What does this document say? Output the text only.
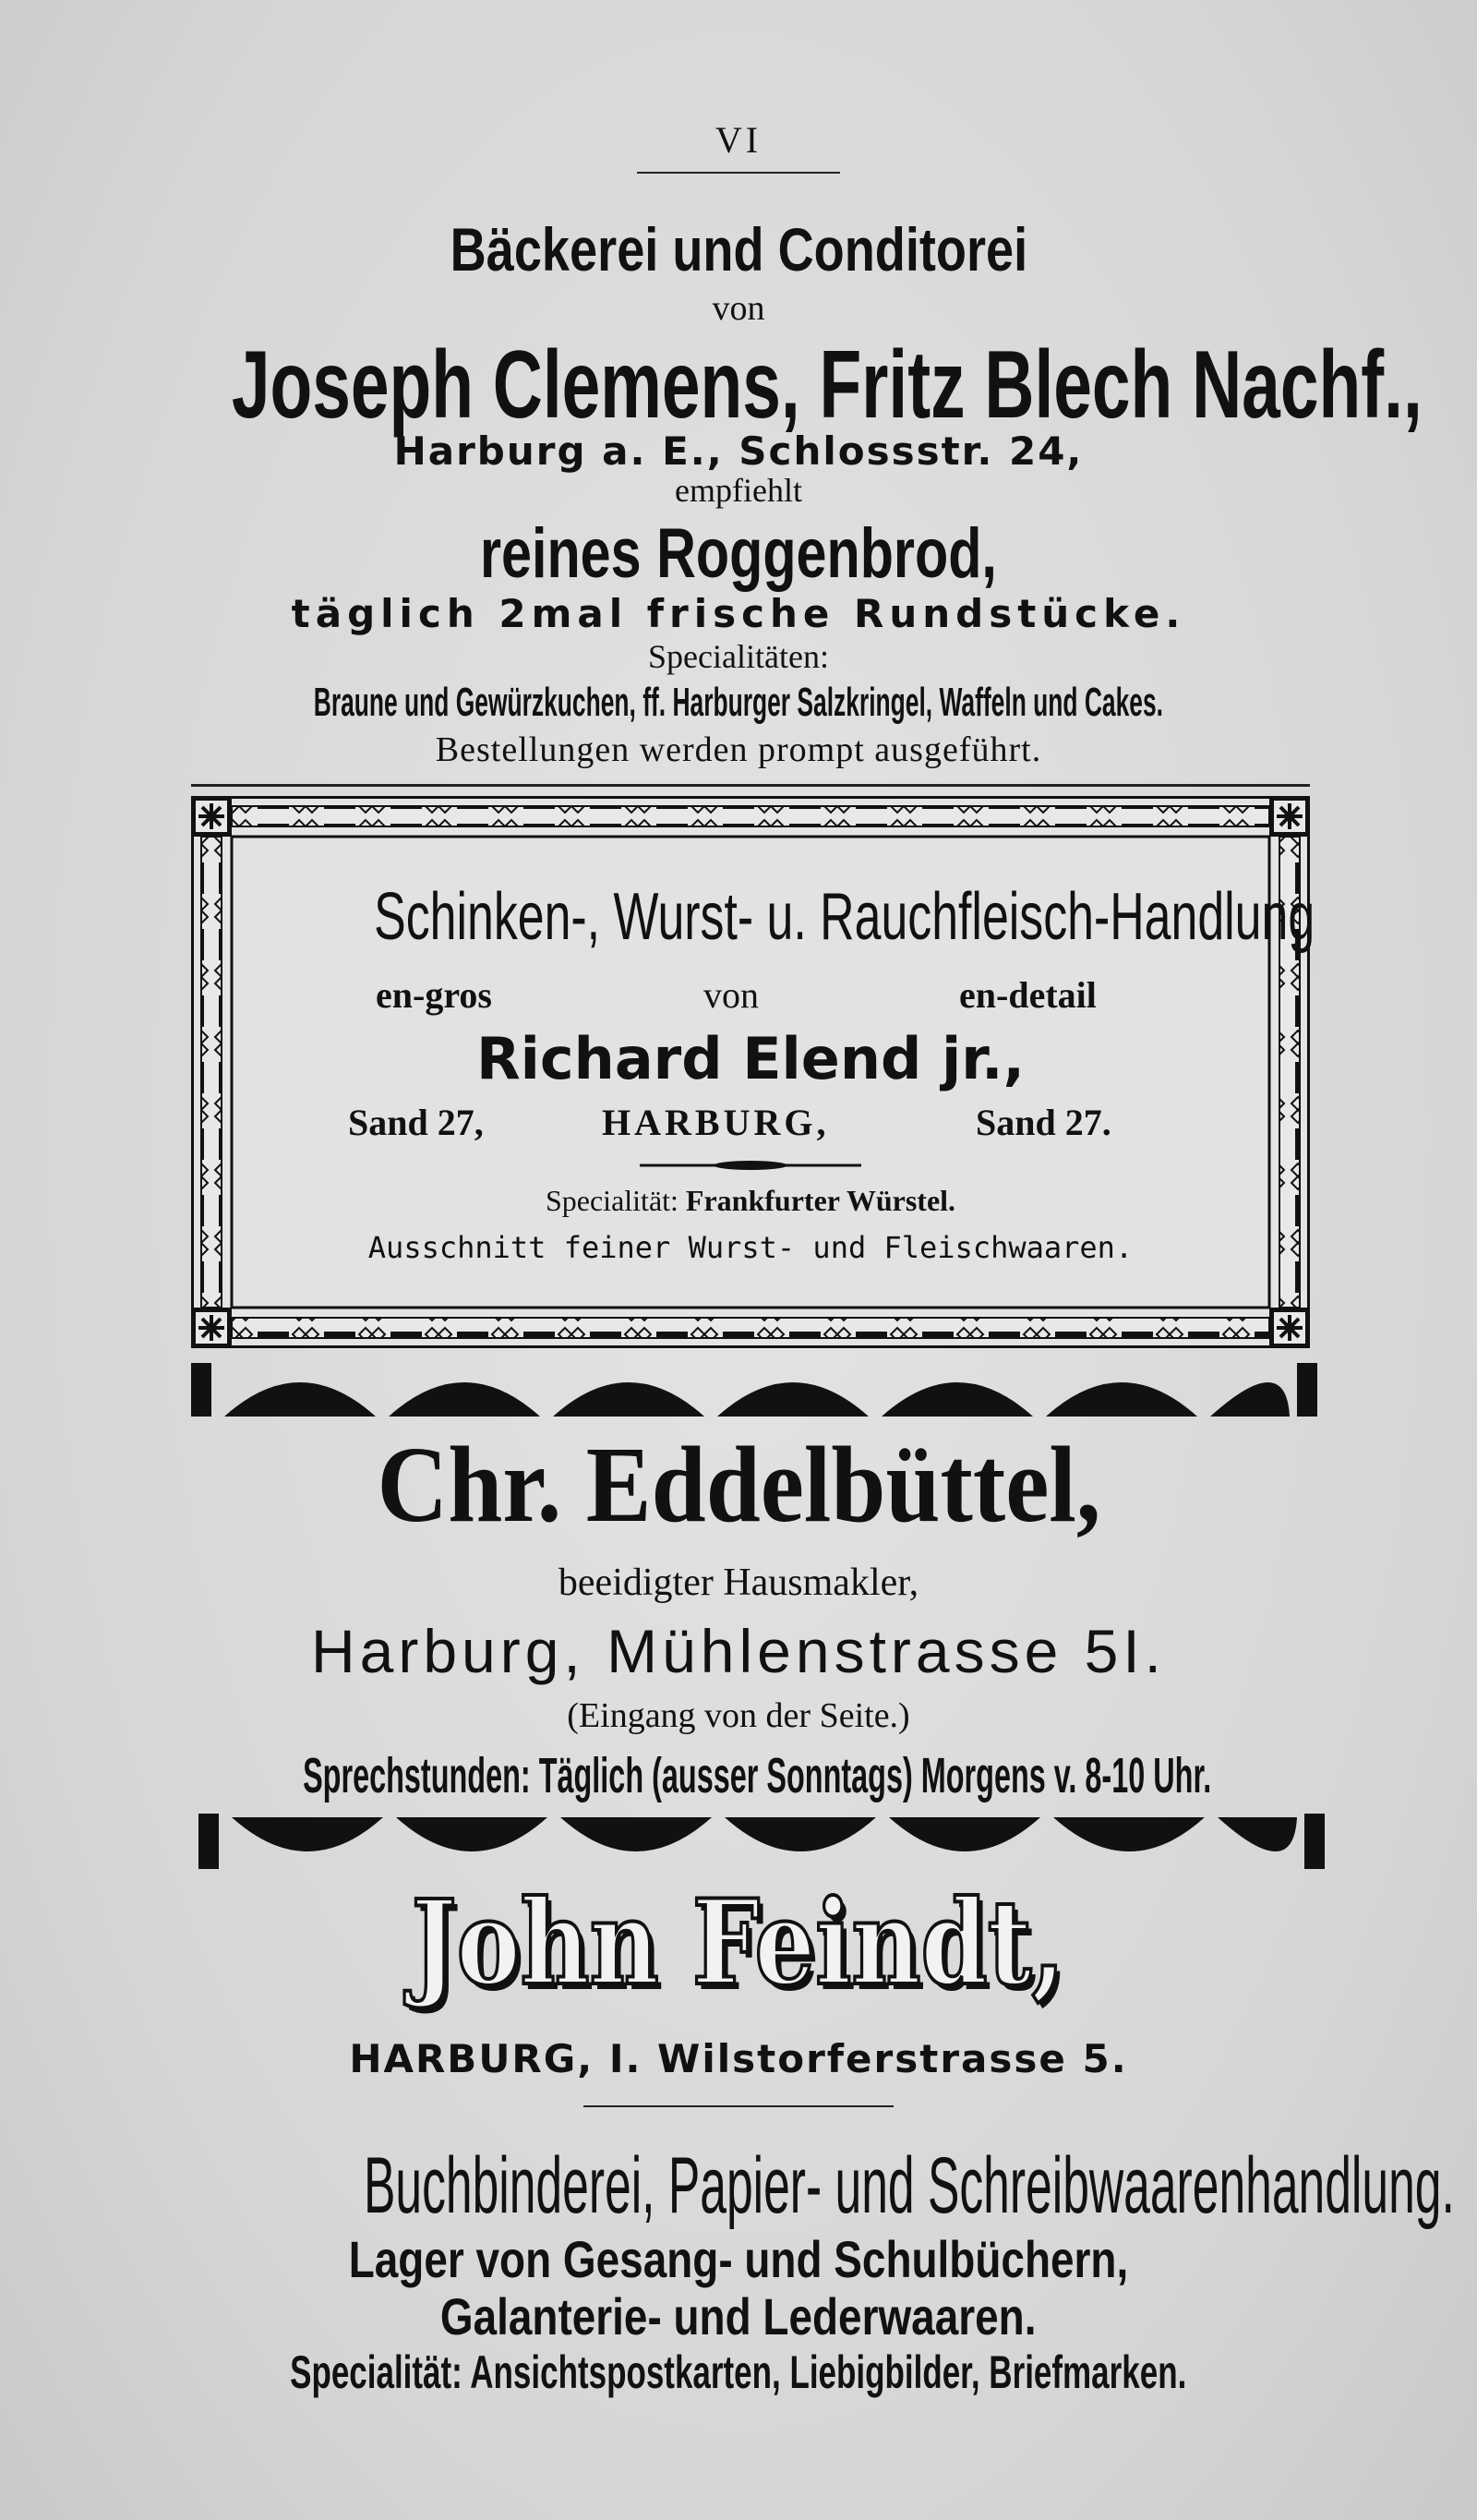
VI
Bäckerei und Conditorei
von
Joseph Clemens, Fritz Blech Nachf.,
Harburg a. E., Schlossstr. 24,
empfiehlt
reines Roggenbrod,
täglich 2mal frische Rundstücke.
Specialitäten:
Braune und Gewürzkuchen, ff. Harburger Salzkringel, Waffeln und Cakes.
Bestellungen werden prompt ausgeführt.
Schinken-, Wurst- u. Rauchfleisch-Handlung
en-gros	von	en-detail
Richard Elend jr.,
Sand 27,	HARBURG,	Sand 27.
Specialität: Frankfurter Würstel.
Ausschnitt feiner Wurst- und Fleischwaaren.
Chr. Eddelbüttel,
beeidigter Hausmakler,
Harburg, Mühlenstrasse 5I.
(Eingang von der Seite.)
Sprechstunden: Täglich (ausser Sonntags) Morgens v. 8-10 Uhr.
John Feindt,
HARBURG, I. Wilstorferstrasse 5.
Buchbinderei, Papier- und Schreibwaarenhandlung.
Lager von Gesang- und Schulbüchern,
Galanterie- und Lederwaaren.
Specialität: Ansichtspostkarten, Liebigbilder, Briefmarken.
